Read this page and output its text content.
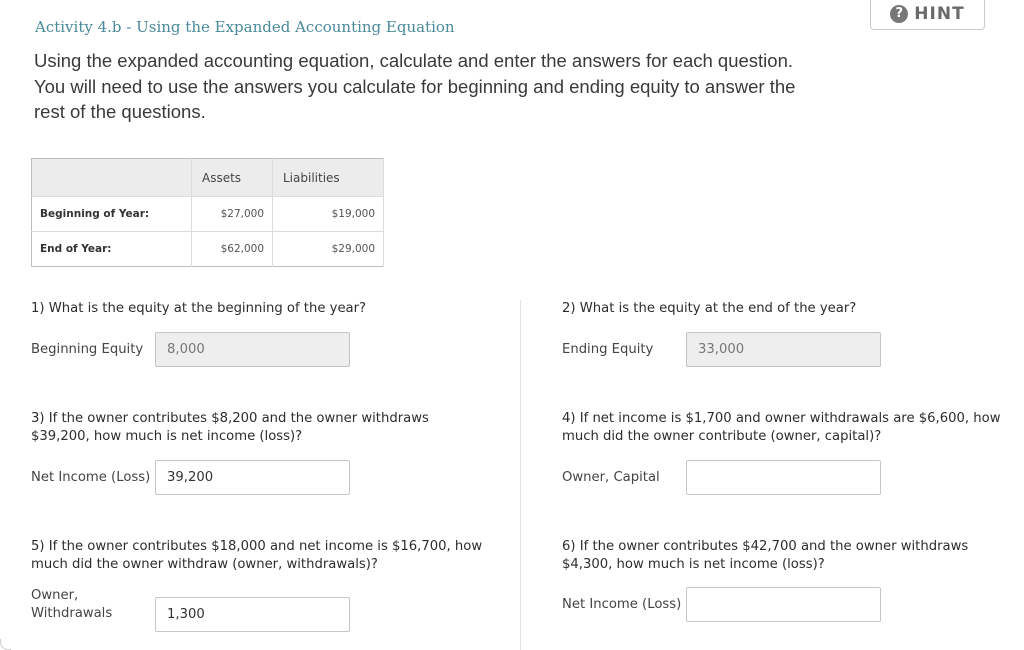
? HINT
Activity 4.b - Using the Expanded Accounting Equation
Using the expanded accounting equation, calculate and enter the answers for each question. You will need to use the answers you calculate for beginning and ending equity to answer the rest of the questions.
	Assets	Liabilities
Beginning of Year:	$27,000	$19,000
End of Year:	$62,000	$29,000
1) What is the equity at the beginning of the year?
Beginning Equity
8,000
2) What is the equity at the end of the year?
Ending Equity
33,000
3) If the owner contributes $8,200 and the owner withdraws $39,200, how much is net income (loss)?
Net Income (Loss)
39,200
4) If net income is $1,700 and owner withdrawals are $6,600, how much did the owner contribute (owner, capital)?
Owner, Capital
5) If the owner contributes $18,000 and net income is $16,700, how much did the owner withdraw (owner, withdrawals)?
Owner, Withdrawals
1,300
6) If the owner contributes $42,700 and the owner withdraws $4,300, how much is net income (loss)?
Net Income (Loss)
